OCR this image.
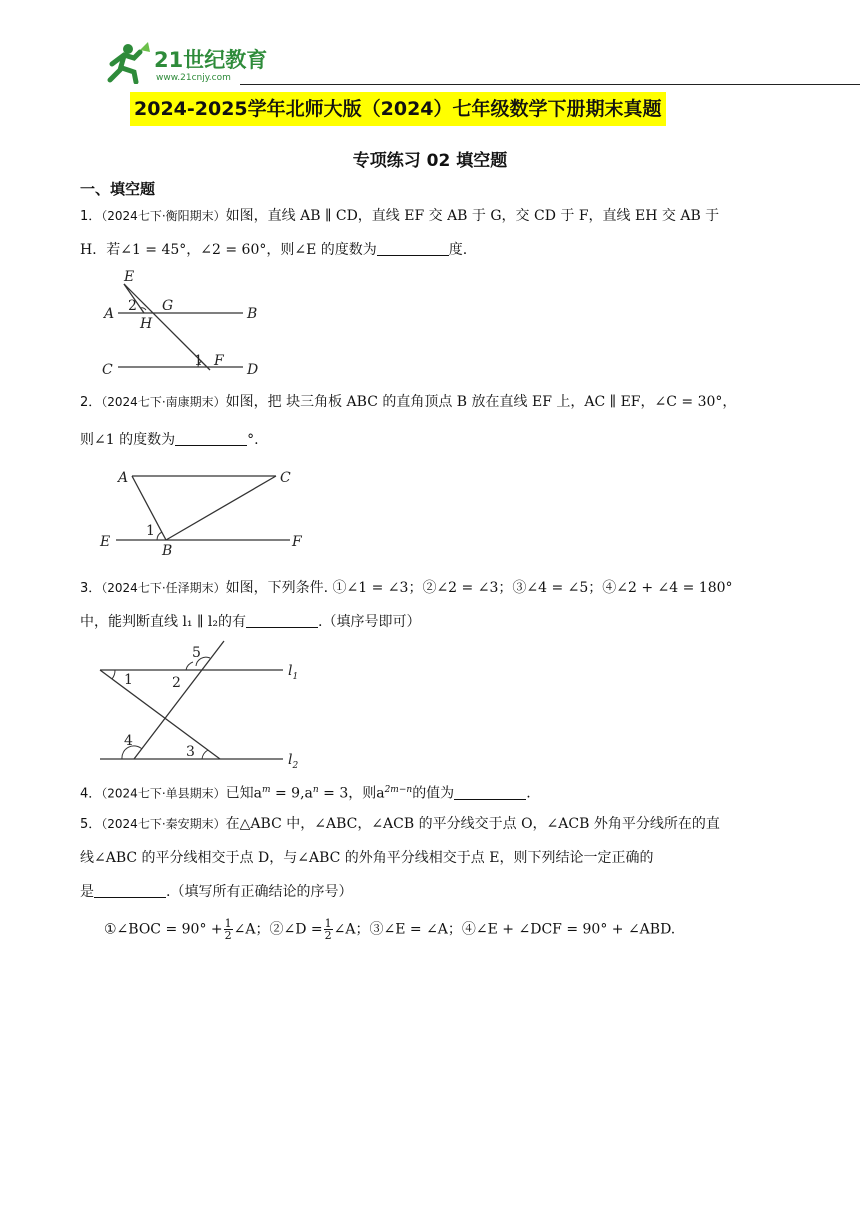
21世纪教育
www.21cnjy.com
2024-2025学年北师大版（2024）七年级数学下册期末真题
专项练习 02 填空题
一、填空题
1．（2024七下·衡阳期末）如图，直线 AB ∥ CD，直线 EF 交 AB 于 G，交 CD 于 F，直线 EH 交 AB 于
H．若∠1 = 45°，∠2 = 60°，则∠E 的度数为	度.
E
A	B
C	D
F
G
H
1
2
2．（2024七下·南康期末）如图，把 块三角板 ABC 的直角顶点 B 放在直线 EF 上，AC ∥ EF，∠C = 30°，
则∠1 的度数为	°.
A	C
E
B
F
1
3．（2024七下·任泽期末）如图，下列条件. ①∠1 = ∠3；②∠2 = ∠3；③∠4 = ∠5；④∠2 + ∠4 = 180°
中，能判断直线 l₁ ∥ l₂的有	.（填序号即可）
1	2
3
4
5
$l_1$
$l_2$
4．（2024七下·单县期末）已知$a^m = 9,a^n = 3$，则$a^{2m-n}$的值为	.
5．（2024七下·秦安期末）在△ABC 中，∠ABC，∠ACB 的平分线交于点 O，∠ACB 外角平分线所在的直
线∠ABC 的平分线相交于点 D，与∠ABC 的外角平分线相交于点 E，则下列结论一定正确的
是	.（填写所有正确结论的序号）
①∠BOC = $90^\circ + \frac{1}{2}$ ∠A；②∠D = $\frac{1}{2}$ ∠A；③∠E = ∠A；④∠E + ∠DCF = 90° + ∠ABD.
